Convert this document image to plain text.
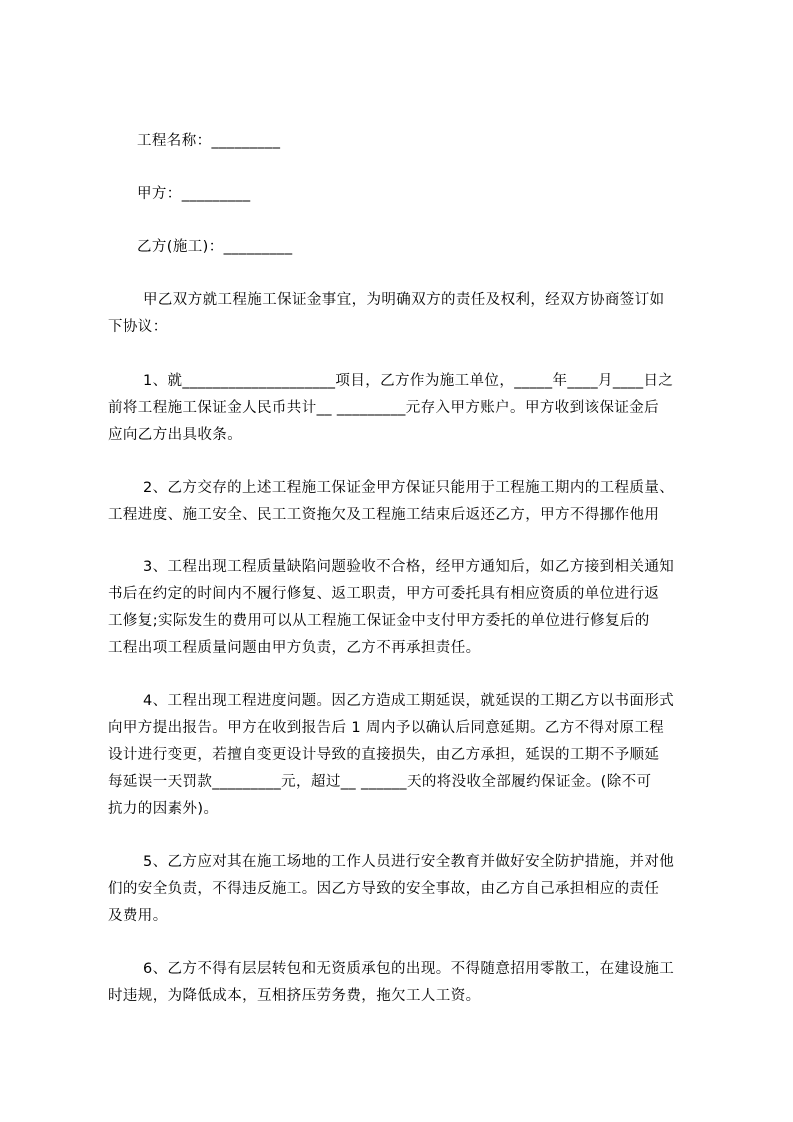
工程名称：_________
甲方：_________
乙方(施工)：_________
甲乙双方就工程施工保证金事宜，为明确双方的责任及权利，经双方协商签订如
下协议：
1、就____________________项目，乙方作为施工单位，_____年____月____日之
前将工程施工保证金人民币共计__ _________元存入甲方账户。甲方收到该保证金后
应向乙方出具收条。
2、乙方交存的上述工程施工保证金甲方保证只能用于工程施工期内的工程质量、
工程进度、施工安全、民工工资拖欠及工程施工结束后返还乙方，甲方不得挪作他用
3、工程出现工程质量缺陷问题验收不合格，经甲方通知后，如乙方接到相关通知
书后在约定的时间内不履行修复、返工职责，甲方可委托具有相应资质的单位进行返
工修复;实际发生的费用可以从工程施工保证金中支付甲方委托的单位进行修复后的
工程出项工程质量问题由甲方负责，乙方不再承担责任。
4、工程出现工程进度问题。因乙方造成工期延误，就延误的工期乙方以书面形式
向甲方提出报告。甲方在收到报告后 1 周内予以确认后同意延期。乙方不得对原工程
设计进行变更，若擅自变更设计导致的直接损失，由乙方承担，延误的工期不予顺延
每延误一天罚款_________元，超过__ ______天的将没收全部履约保证金。(除不可
抗力的因素外)。
5、乙方应对其在施工场地的工作人员进行安全教育并做好安全防护措施，并对他
们的安全负责，不得违反施工。因乙方导致的安全事故，由乙方自己承担相应的责任
及费用。
6、乙方不得有层层转包和无资质承包的出现。不得随意招用零散工，在建设施工
时违规，为降低成本，互相挤压劳务费，拖欠工人工资。
